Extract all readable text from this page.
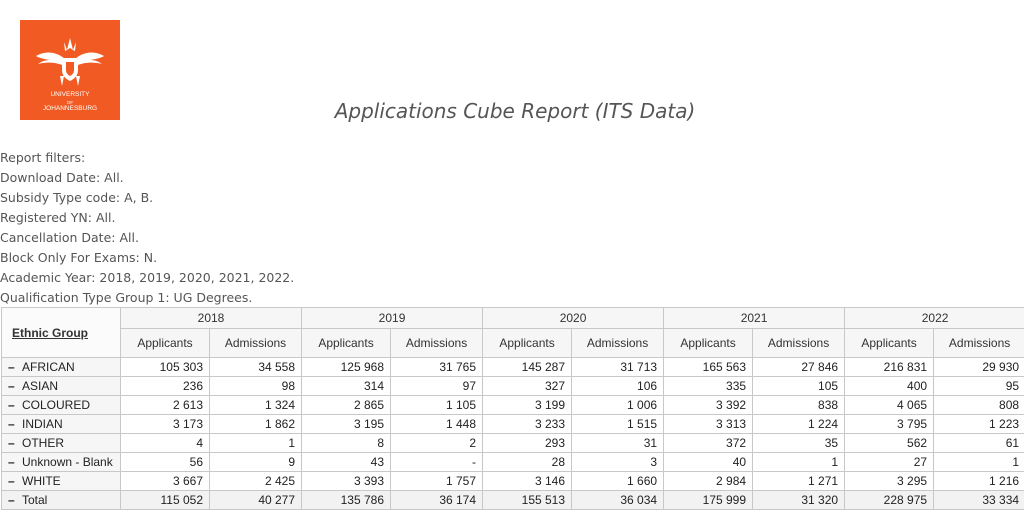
UNIVERSITY
OF
JOHANNESBURG	Applications Cube Report (ITS Data)
Report filters:
Download Date: All.
Subsidy Type code: A, B.
Registered YN: All.
Cancellation Date: All.
Block Only For Exams: N.
Academic Year: 2018, 2019, 2020, 2021, 2022.
Qualification Type Group 1: UG Degrees.
Ethnic Group	2018		2019		2020		2021		2022	
	Applicants	Admissions	Applicants	Admissions	Applicants	Admissions	Applicants	Admissions	Applicants	Admissions
– AFRICAN	105 303	34 558	125 968	31 765	145 287	31 713	165 563	27 846	216 831	29 930
– ASIAN	236	98	314	97	327	106	335	105	400	95
– COLOURED	2 613	1 324	2 865	1 105	3 199	1 006	3 392	838	4 065	808
– INDIAN	3 173	1 862	3 195	1 448	3 233	1 515	3 313	1 224	3 795	1 223
– OTHER	4	1	8	2	293	31	372	35	562	61
– Unknown - Blank	56	9	43	-	28	3	40	1	27	1
– WHITE	3 667	2 425	3 393	1 757	3 146	1 660	2 984	1 271	3 295	1 216
– Total	115 052	40 277	135 786	36 174	155 513	36 034	175 999	31 320	228 975	33 334
